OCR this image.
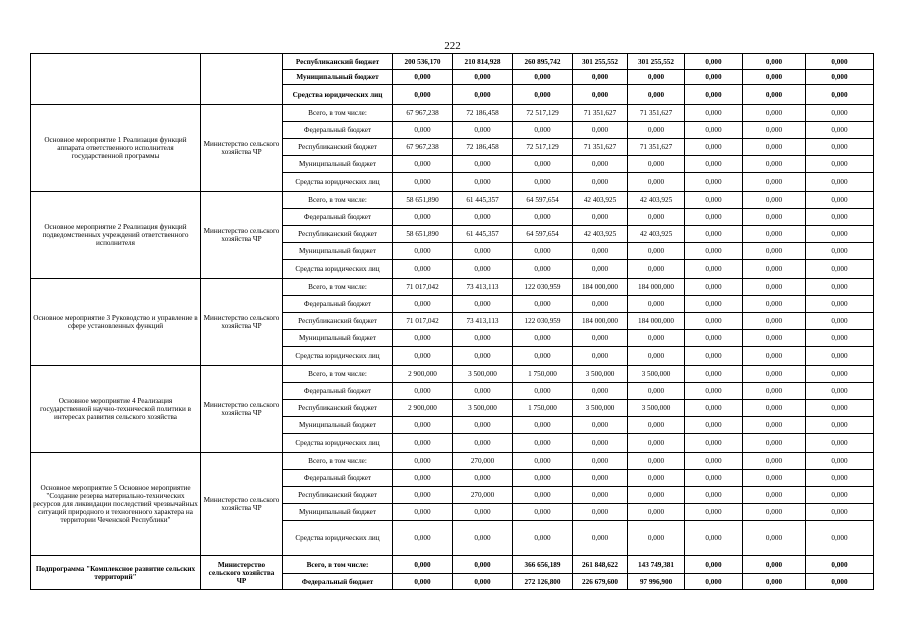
222
		Республиканский бюджет	200 536,170	210 814,928	260 895,742	301 255,552	301 255,552	0,000	0,000	0,000
		Муниципальный бюджет	0,000	0,000	0,000	0,000	0,000	0,000	0,000	0,000
		Средства юридических лиц	0,000	0,000	0,000	0,000	0,000	0,000	0,000	0,000
Основное мероприятие 1 Реализация функций аппарата ответственного исполнителя государственной программы	Министерство сельского хозяйства ЧР	Всего, в том числе:	67 967,238	72 186,458	72 517,129	71 351,627	71 351,627	0,000	0,000	0,000
		Федеральный бюджет	0,000	0,000	0,000	0,000	0,000	0,000	0,000	0,000
		Республиканский бюджет	67 967,238	72 186,458	72 517,129	71 351,627	71 351,627	0,000	0,000	0,000
		Муниципальный бюджет	0,000	0,000	0,000	0,000	0,000	0,000	0,000	0,000
		Средства юридических лиц	0,000	0,000	0,000	0,000	0,000	0,000	0,000	0,000
Основное мероприятие 2 Реализация функций подведомственных учреждений ответственного исполнителя	Министерство сельского хозяйства ЧР	Всего, в том числе:	58 651,890	61 445,357	64 597,654	42 403,925	42 403,925	0,000	0,000	0,000
		Федеральный бюджет	0,000	0,000	0,000	0,000	0,000	0,000	0,000	0,000
		Республиканский бюджет	58 651,890	61 445,357	64 597,654	42 403,925	42 403,925	0,000	0,000	0,000
		Муниципальный бюджет	0,000	0,000	0,000	0,000	0,000	0,000	0,000	0,000
		Средства юридических лиц	0,000	0,000	0,000	0,000	0,000	0,000	0,000	0,000
Основное мероприятие 3 Руководство и управление в сфере установленных функций	Министерство сельского хозяйства ЧР	Всего, в том числе:	71 017,042	73 413,113	122 030,959	184 000,000	184 000,000	0,000	0,000	0,000
		Федеральный бюджет	0,000	0,000	0,000	0,000	0,000	0,000	0,000	0,000
		Республиканский бюджет	71 017,042	73 413,113	122 030,959	184 000,000	184 000,000	0,000	0,000	0,000
		Муниципальный бюджет	0,000	0,000	0,000	0,000	0,000	0,000	0,000	0,000
		Средства юридических лиц	0,000	0,000	0,000	0,000	0,000	0,000	0,000	0,000
Основное мероприятие 4 Реализация государственной научно-технической политики в интересах развития сельского хозяйства	Министерство сельского хозяйства ЧР	Всего, в том числе:	2 900,000	3 500,000	1 750,000	3 500,000	3 500,000	0,000	0,000	0,000
		Федеральный бюджет	0,000	0,000	0,000	0,000	0,000	0,000	0,000	0,000
		Республиканский бюджет	2 900,000	3 500,000	1 750,000	3 500,000	3 500,000	0,000	0,000	0,000
		Муниципальный бюджет	0,000	0,000	0,000	0,000	0,000	0,000	0,000	0,000
		Средства юридических лиц	0,000	0,000	0,000	0,000	0,000	0,000	0,000	0,000
Основное мероприятие 5 Основное мероприятие "Создание резерва материально-технических ресурсов для ликвидации последствий чрезвычайных ситуаций природного и техногенного характера на территории Чеченской Республики"	Министерство сельского хозяйства ЧР	Всего, в том числе:	0,000	270,000	0,000	0,000	0,000	0,000	0,000	0,000
		Федеральный бюджет	0,000	0,000	0,000	0,000	0,000	0,000	0,000	0,000
		Республиканский бюджет	0,000	270,000	0,000	0,000	0,000	0,000	0,000	0,000
		Муниципальный бюджет	0,000	0,000	0,000	0,000	0,000	0,000	0,000	0,000
		Средства юридических лиц	0,000	0,000	0,000	0,000	0,000	0,000	0,000	0,000
Подпрограмма "Комплексное развитие сельских территорий"	Министерство сельского хозяйства ЧР	Всего, в том числе:	0,000	0,000	366 656,189	261 848,622	143 749,381	0,000	0,000	0,000
		Федеральный бюджет	0,000	0,000	272 126,800	226 679,600	97 996,900	0,000	0,000	0,000
